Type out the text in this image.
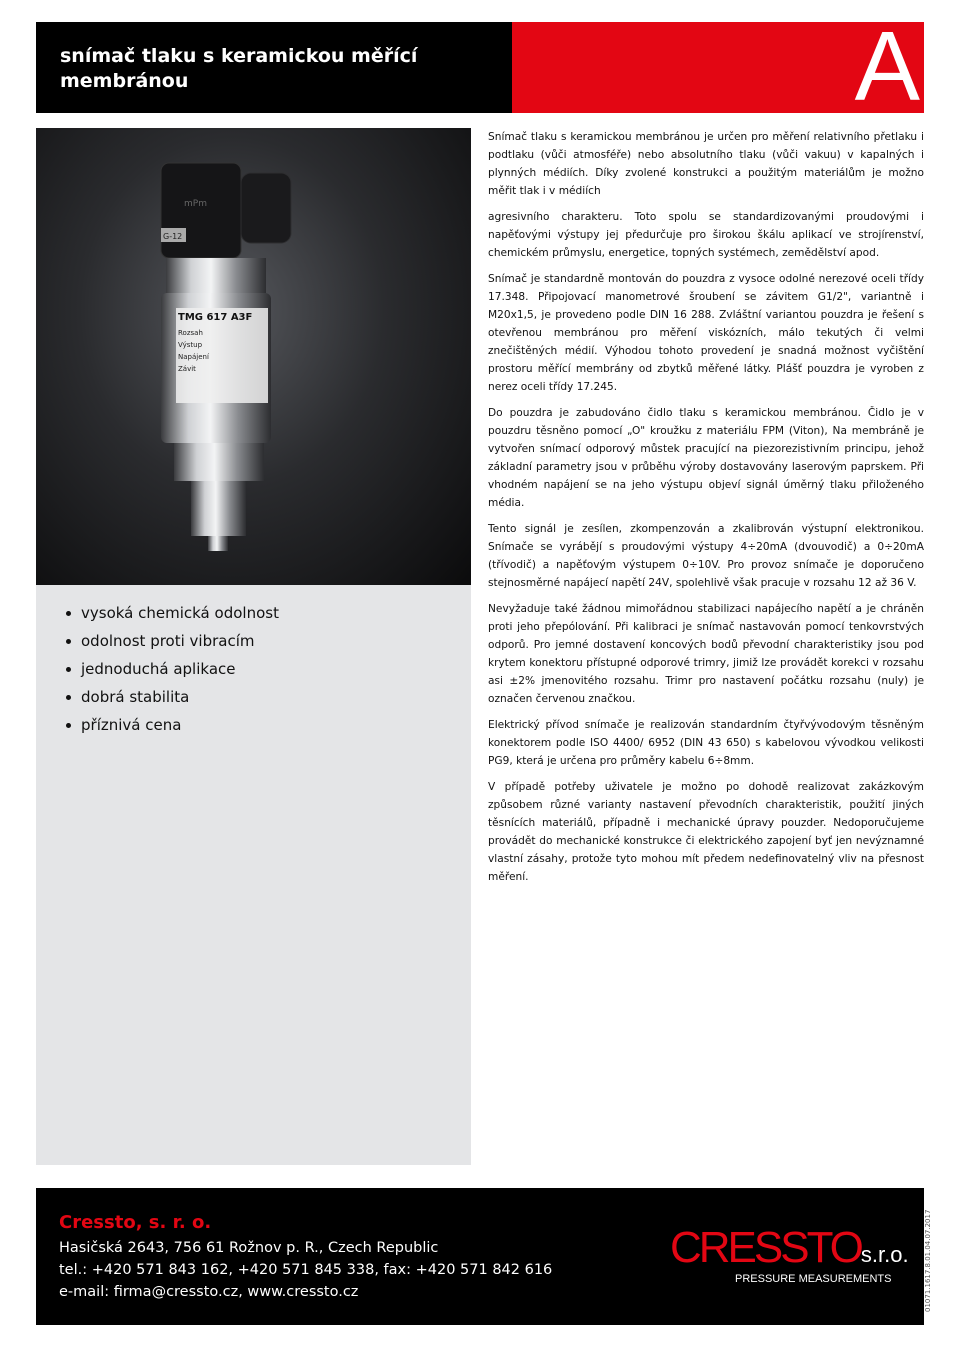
snímač tlaku s keramickou měřící membránou	A
mPm
G-12
TMG 617 A3F
Rozsah
Výstup
Napájení
Závit
vysoká chemická odolnost
odolnost proti vibracím
jednoduchá aplikace
dobrá stabilita
příznivá cena

Snímač tlaku s keramickou membránou je určen pro měření relativního přetlaku i podtlaku (vůči atmosféře) nebo absolutního tlaku (vůči vakuu) v kapalných i plynných médiích. Díky zvolené konstrukci a použitým materiálům je možno měřit tlak i v médiích

agresivního charakteru. Toto spolu se standardizovanými proudovými i napěťovými výstupy jej předurčuje pro širokou škálu aplikací ve strojírenství, chemickém průmyslu, energetice, topných systémech, zemědělství apod.

Snímač je standardně montován do pouzdra z vysoce odolné nerezové oceli třídy 17.348. Připojovací manometrové šroubení se závitem G1/2", variantně i M20x1,5, je provedeno podle DIN 16 288. Zvláštní variantou pouzdra je řešení s otevřenou membránou pro měření viskózních, málo tekutých či velmi znečištěných médií. Výhodou tohoto provedení je snadná možnost vyčištění prostoru měřící membrány od zbytků měřené látky. Plášť pouzdra je vyroben z nerez oceli třídy 17.245.

Do pouzdra je zabudováno čidlo tlaku s keramickou membránou. Čidlo je v pouzdru těsněno pomocí „O" kroužku z materiálu FPM (Viton), Na membráně je vytvořen snímací odporový můstek pracující na piezorezistivním principu, jehož základní parametry jsou v průběhu výroby dostavovány laserovým paprskem. Při vhodném napájení se na jeho výstupu objeví signál úměrný tlaku přiloženého média.

Tento signál je zesílen, zkompenzován a zkalibrován výstupní elektronikou. Snímače se vyrábějí s proudovými výstupy 4÷20mA (dvouvodič) a 0÷20mA (třívodič) a napěťovým výstupem 0÷10V. Pro provoz snímače je doporučeno stejnosměrné napájecí napětí 24V, spolehlivě však pracuje v rozsahu 12 až 36 V.

Nevyžaduje také žádnou mimořádnou stabilizaci napájecího napětí a je chráněn proti jeho přepólování. Při kalibraci je snímač nastavován pomocí tenkovrstvých odporů. Pro jemné dostavení koncových bodů převodní charakteristiky jsou pod krytem konektoru přístupné odporové trimry, jimiž lze provádět korekci v rozsahu asi ±2% jmenovitého rozsahu. Trimr pro nastavení počátku rozsahu (nuly) je označen červenou značkou.

Elektrický přívod snímače je realizován standardním čtyřvývodovým těsněným konektorem podle ISO 4400/ 6952 (DIN 43 650) s kabelovou vývodkou velikosti PG9, která je určena pro průměry kabelu 6÷8mm.

V případě potřeby uživatele je možno po dohodě realizovat zakázkovým způsobem různé varianty nastavení převodních charakteristik, použití jiných těsnících materiálů, případně i mechanické úpravy pouzder. Nedoporučujeme provádět do mechanické konstrukce či elektrického zapojení byť jen nevýznamné vlastní zásahy, protože tyto mohou mít předem nedefinovatelný vliv na přesnost měření.

Cressto, s. r. o.
Hasičská 2643, 756 61 Rožnov p. R., Czech Republic
tel.: +420 571 843 162, +420 571 845 338, fax: +420 571 842 616
e-mail: firma@cressto.cz, www.cressto.cz
CRESSTOs.r.o.
PRESSURE MEASUREMENTS	01071.1617.8.01.04.07.2017
